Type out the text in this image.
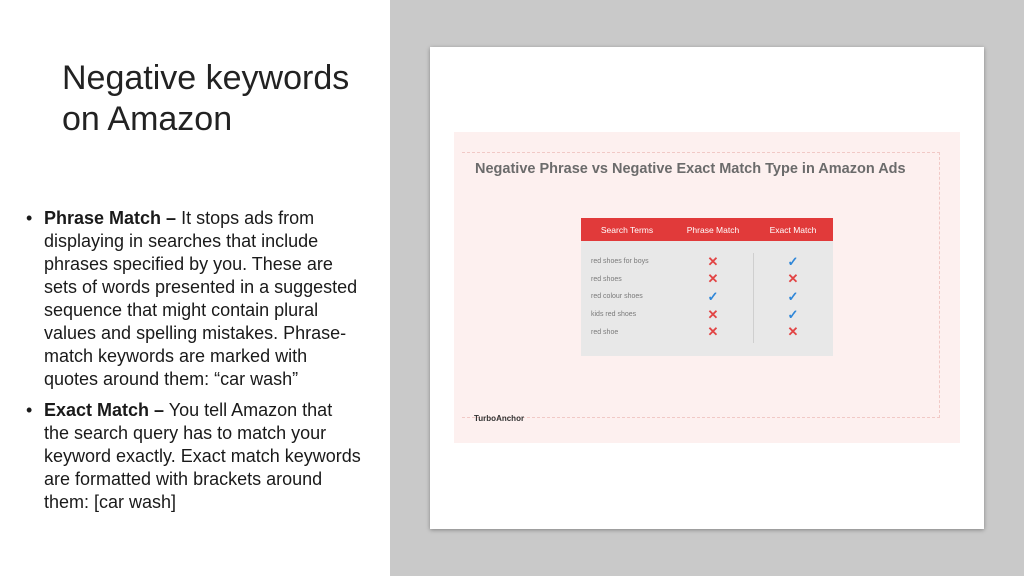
Negative keywords on Amazon
• Phrase Match – It stops ads from displaying in searches that include phrases specified by you. These are sets of words presented in a suggested sequence that might contain plural values and spelling mistakes. Phrase-match keywords are marked with quotes around them: “car wash”
• Exact Match – You tell Amazon that the search query has to match your keyword exactly. Exact match keywords are formatted with brackets around them: [car wash]
Negative Phrase vs Negative Exact Match Type in Amazon Ads
Search Terms	Phrase Match	Exact Match
red shoes for boys	✕	✓
red shoes	✕	✕
red colour shoes	✓	✓
kids red shoes	✕	✓
red shoe	✕	✕
TurboAnchor
